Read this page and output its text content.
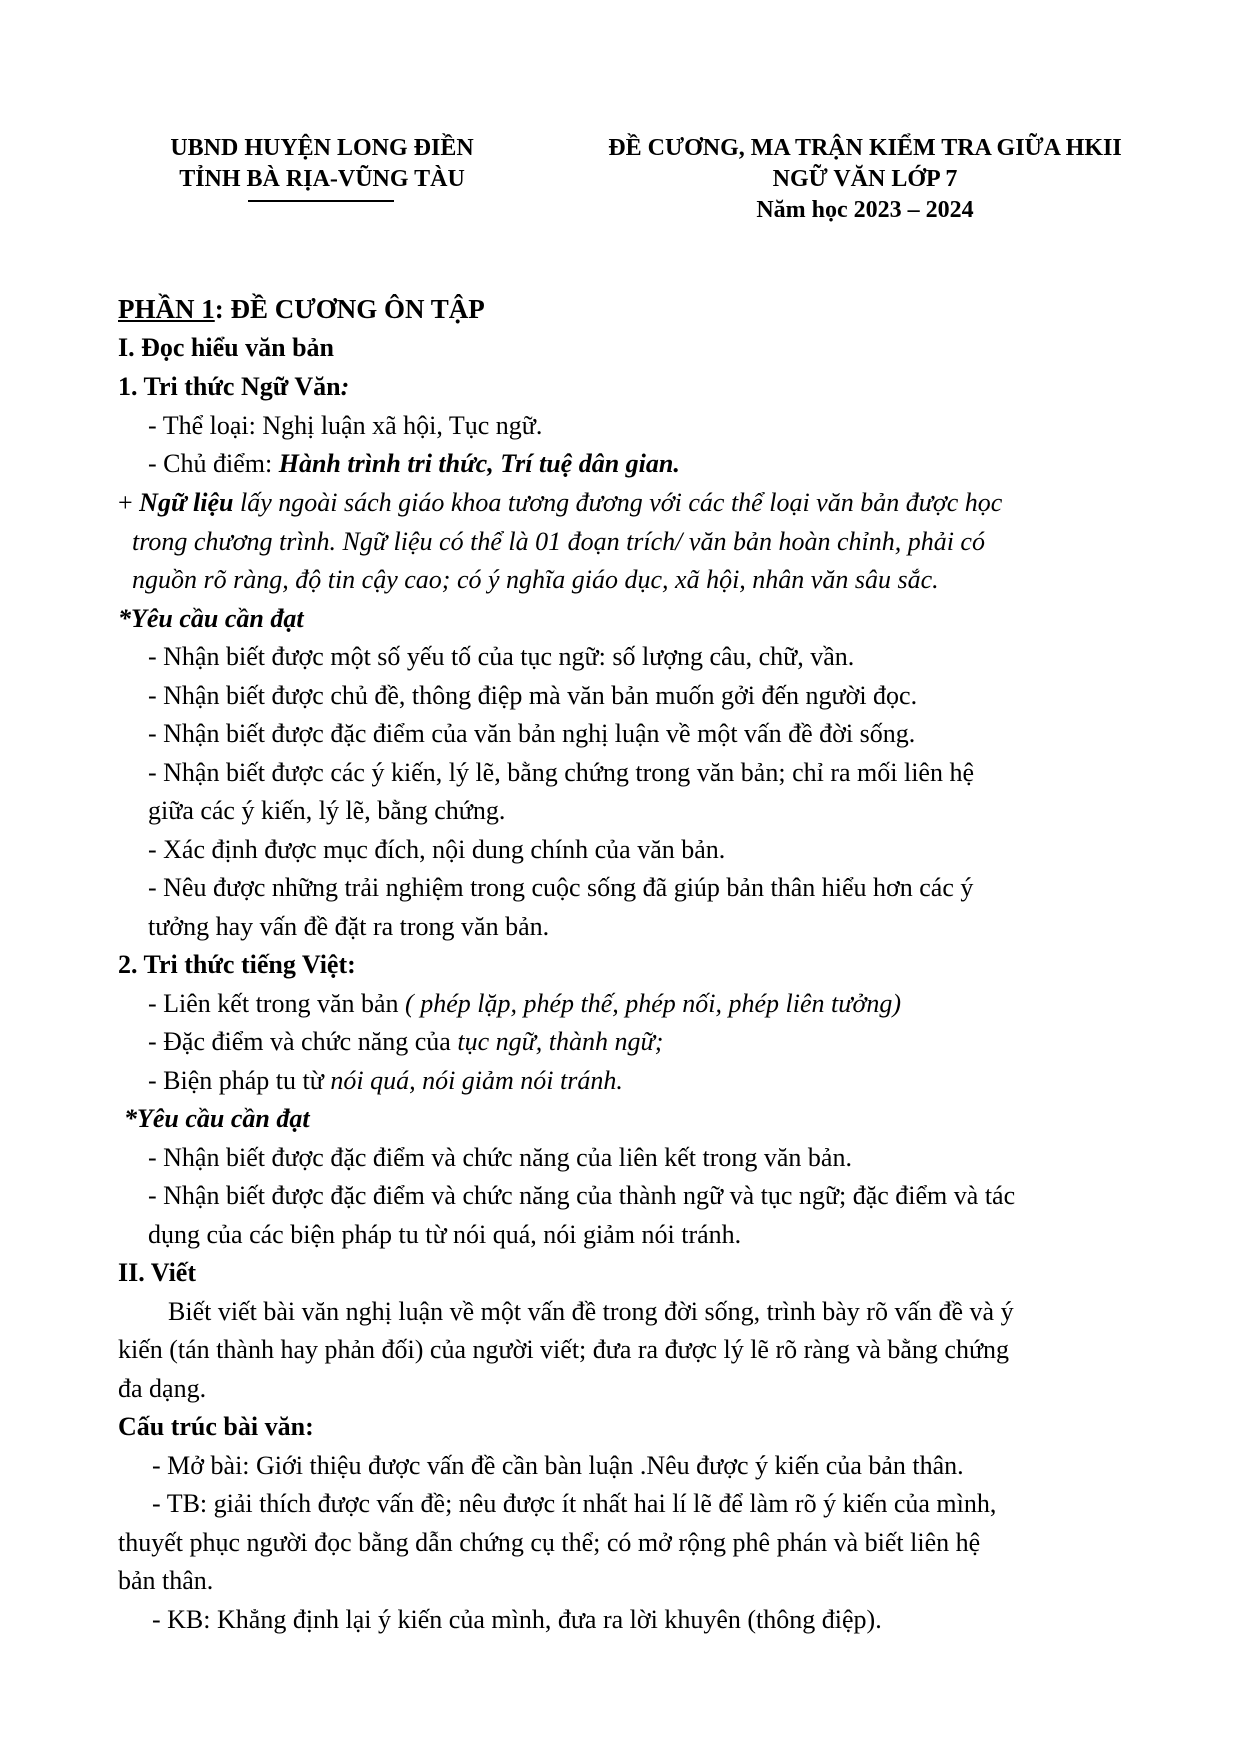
UBND HUYỆN LONG ĐIỀN
TỈNH BÀ RỊA-VŨNG TÀU
ĐỀ CƯƠNG, MA TRẬN KIỂM TRA GIỮA HKII
NGỮ VĂN LỚP 7
Năm học 2023 – 2024
PHẦN 1: ĐỀ CƯƠNG ÔN TẬP
I. Đọc hiểu văn bản
1. Tri thức Ngữ Văn:
- Thể loại: Nghị luận xã hội, Tục ngữ.
- Chủ điểm: Hành trình tri thức, Trí tuệ dân gian.
+ Ngữ liệu lấy ngoài sách giáo khoa tương đương với các thể loại văn bản được học
trong chương trình. Ngữ liệu có thể là 01 đoạn trích/ văn bản hoàn chỉnh, phải có
nguồn rõ ràng, độ tin cậy cao; có ý nghĩa giáo dục, xã hội, nhân văn sâu sắc.
*Yêu cầu cần đạt
- Nhận biết được một số yếu tố của tục ngữ: số lượng câu, chữ, vần.
- Nhận biết được chủ đề, thông điệp mà văn bản muốn gởi đến người đọc.
- Nhận biết được đặc điểm của văn bản nghị luận về một vấn đề đời sống.
- Nhận biết được các ý kiến, lý lẽ, bằng chứng trong văn bản; chỉ ra mối liên hệ
giữa các ý kiến, lý lẽ, bằng chứng.
- Xác định được mục đích, nội dung chính của văn bản.
- Nêu được những trải nghiệm trong cuộc sống đã giúp bản thân hiểu hơn các ý
tưởng hay vấn đề đặt ra trong văn bản.
2. Tri thức tiếng Việt:
- Liên kết trong văn bản ( phép lặp, phép thế, phép nối, phép liên tưởng)
- Đặc điểm và chức năng của tục ngữ, thành ngữ;
- Biện pháp tu từ nói quá, nói giảm nói tránh.
*Yêu cầu cần đạt
- Nhận biết được đặc điểm và chức năng của liên kết trong văn bản.
- Nhận biết được đặc điểm và chức năng của thành ngữ và tục ngữ; đặc điểm và tác
dụng của các biện pháp tu từ nói quá, nói giảm nói tránh.
II. Viết
Biết viết bài văn nghị luận về một vấn đề trong đời sống, trình bày rõ vấn đề và ý
kiến (tán thành hay phản đối) của người viết; đưa ra được lý lẽ rõ ràng và bằng chứng
đa dạng.
Cấu trúc bài văn:
- Mở bài: Giới thiệu được vấn đề cần bàn luận .Nêu được ý kiến của bản thân.
- TB: giải thích được vấn đề; nêu được ít nhất hai lí lẽ để làm rõ ý kiến của mình,
thuyết phục người đọc bằng dẫn chứng cụ thể; có mở rộng phê phán và biết liên hệ
bản thân.
- KB: Khẳng định lại ý kiến của mình, đưa ra lời khuyên (thông điệp).
